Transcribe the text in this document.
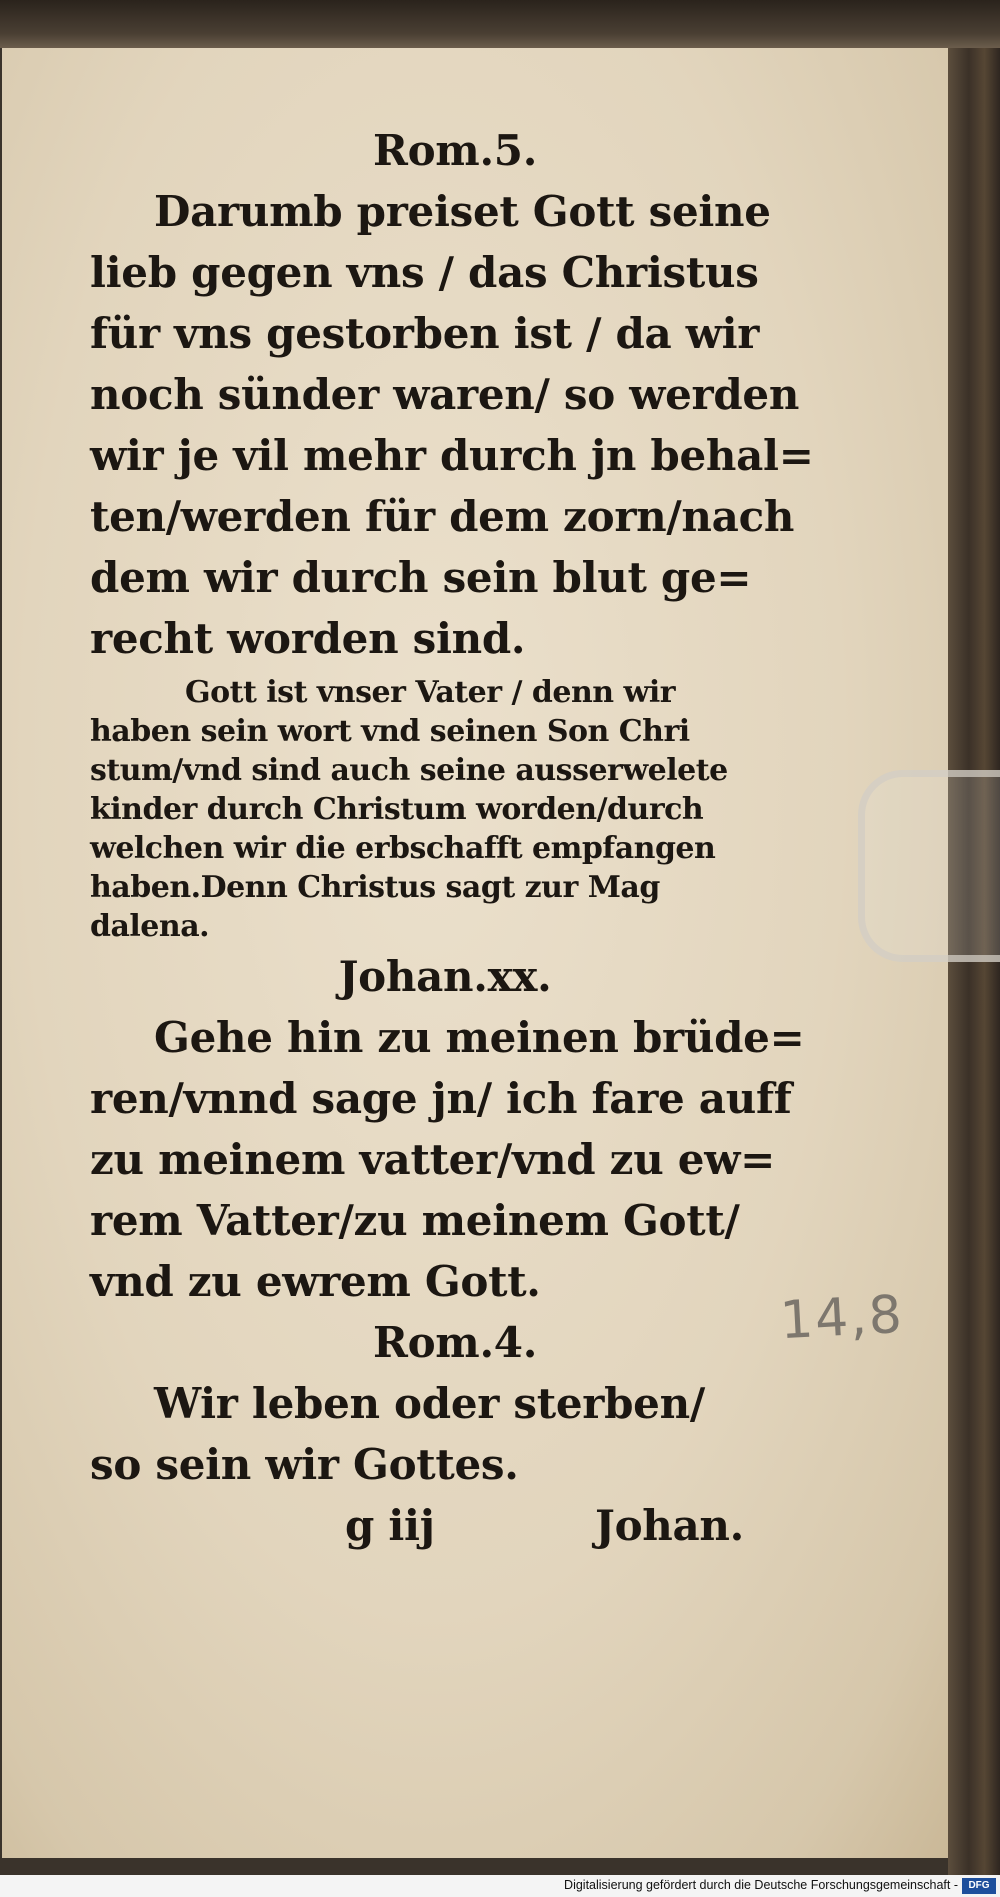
Rom.5.
Darumb preiset Gott seine
lieb gegen vns / das Christus
für vns gestorben ist / da wir
noch sünder waren/ so werden
wir je vil mehr durch jn behal=
ten/werden für dem zorn/nach
dem wir durch sein blut ge=
recht worden sind.
Gott ist vnser Vater / denn wir
haben sein wort vnd seinen Son Chri
stum/vnd sind auch seine ausserwelete
kinder durch Christum worden/durch
welchen wir die erbschafft empfangen
haben.Denn Christus sagt zur Mag
dalena.
Johan.xx.
Gehe hin zu meinen brüde=
ren/vnnd sage jn/ ich fare auff
zu meinem vatter/vnd zu ew=
rem Vatter/zu meinem Gott/
vnd zu ewrem Gott.
Rom.4.
Wir leben oder sterben/
so sein wir Gottes.
g iij	Johan.
14,8
Digitalisierung gefördert durch die Deutsche Forschungsgemeinschaft -	DFG
